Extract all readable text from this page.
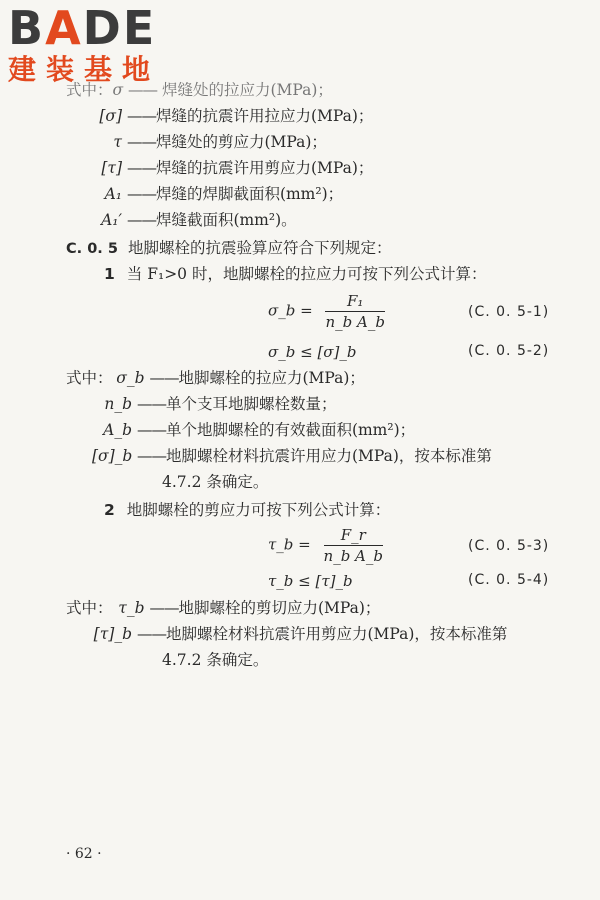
BADE
建装基地
式中：σ —— 焊缝处的拉应力(MPa)；
[σ] ——焊缝的抗震许用拉应力(MPa)；
τ ——焊缝处的剪应力(MPa)；
[τ] ——焊缝的抗震许用剪应力(MPa)；
A₁ ——焊缝的焊脚截面积(mm²)；
A₁′ ——焊缝截面积(mm²)。
C. 0. 5 地脚螺栓的抗震验算应符合下列规定：
1 当 F₁>0 时，地脚螺栓的拉应力可按下列公式计算：
σ_b = $\frac{\text{F₁}}{\text{n\_b A\_b}}$	(C. 0. 5-1)
σ_b ≤ [σ]_b	(C. 0. 5-2)
式中： σ_b ——地脚螺栓的拉应力(MPa)；
n_b ——单个支耳地脚螺栓数量；
A_b ——单个地脚螺栓的有效截面积(mm²)；
[σ]_b ——地脚螺栓材料抗震许用应力(MPa)，按本标准第
4.7.2 条确定。
2 地脚螺栓的剪应力可按下列公式计算：
τ_b = $\frac{F\_r}{\text{n\_b A\_b}}$	(C. 0. 5-3)
τ_b ≤ [τ]_b	(C. 0. 5-4)
式中： τ_b ——地脚螺栓的剪切应力(MPa)；
[τ]_b ——地脚螺栓材料抗震许用剪应力(MPa)，按本标准第
4.7.2 条确定。
· 62 ·
